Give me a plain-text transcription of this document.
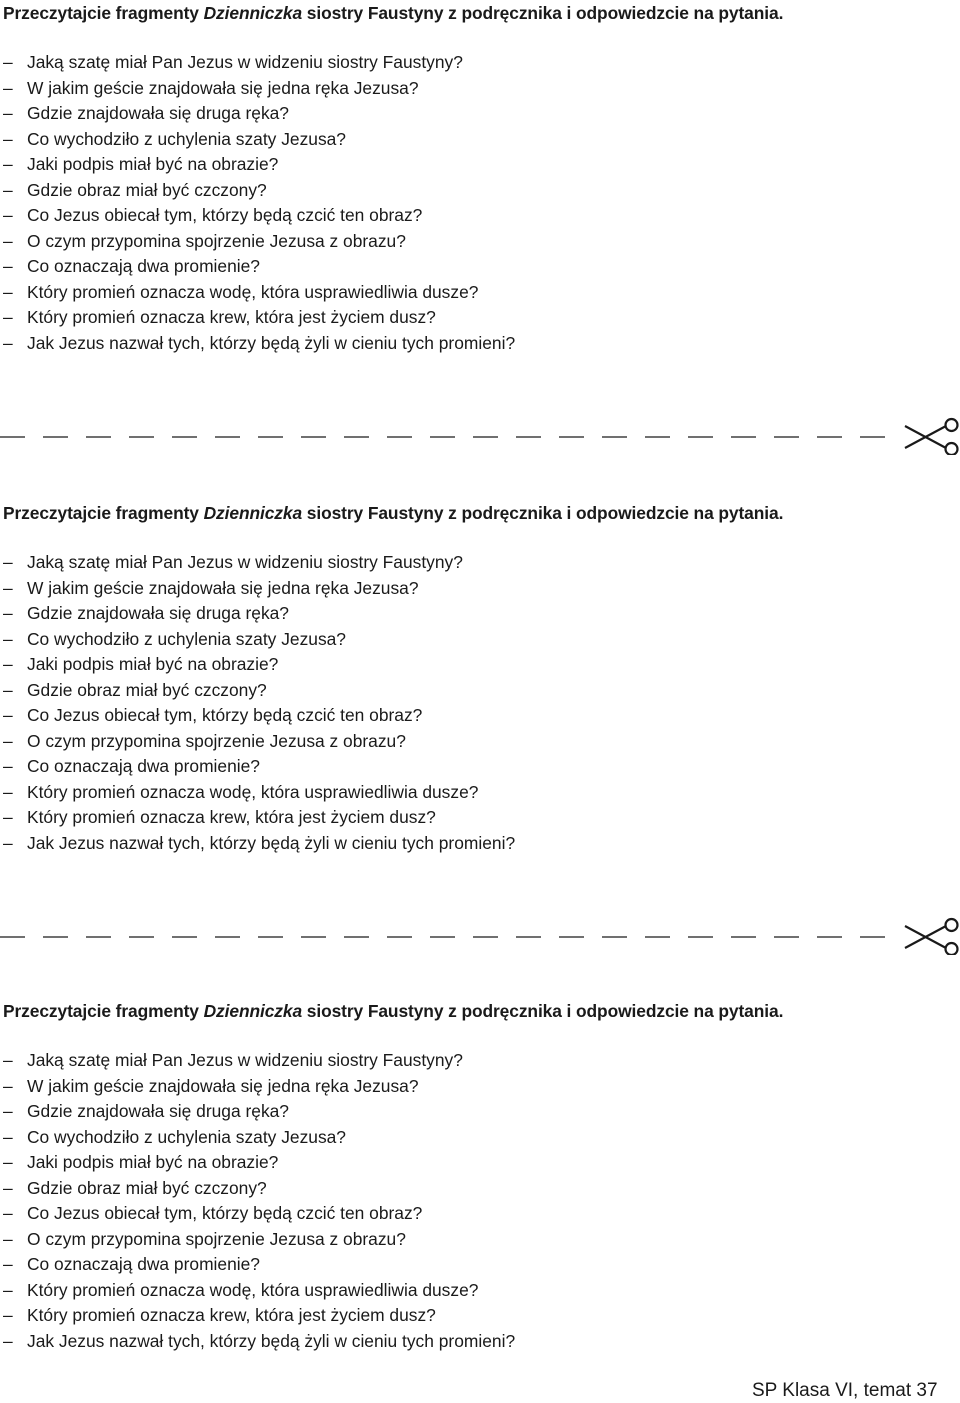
Przeczytajcie fragmenty Dzienniczka siostry Faustyny z podręcznika i odpowiedzcie na pytania.
– Jaką szatę miał Pan Jezus w widzeniu siostry Faustyny?
– W jakim geście znajdowała się jedna ręka Jezusa?
– Gdzie znajdowała się druga ręka?
– Co wychodziło z uchylenia szaty Jezusa?
– Jaki podpis miał być na obrazie?
– Gdzie obraz miał być czczony?
– Co Jezus obiecał tym, którzy będą czcić ten obraz?
– O czym przypomina spojrzenie Jezusa z obrazu?
– Co oznaczają dwa promienie?
– Który promień oznacza wodę, która usprawiedliwia dusze?
– Który promień oznacza krew, która jest życiem dusz?
– Jak Jezus nazwał tych, którzy będą żyli w cieniu tych promieni?
Przeczytajcie fragmenty Dzienniczka siostry Faustyny z podręcznika i odpowiedzcie na pytania.
– Jaką szatę miał Pan Jezus w widzeniu siostry Faustyny?
– W jakim geście znajdowała się jedna ręka Jezusa?
– Gdzie znajdowała się druga ręka?
– Co wychodziło z uchylenia szaty Jezusa?
– Jaki podpis miał być na obrazie?
– Gdzie obraz miał być czczony?
– Co Jezus obiecał tym, którzy będą czcić ten obraz?
– O czym przypomina spojrzenie Jezusa z obrazu?
– Co oznaczają dwa promienie?
– Który promień oznacza wodę, która usprawiedliwia dusze?
– Który promień oznacza krew, która jest życiem dusz?
– Jak Jezus nazwał tych, którzy będą żyli w cieniu tych promieni?
Przeczytajcie fragmenty Dzienniczka siostry Faustyny z podręcznika i odpowiedzcie na pytania.
– Jaką szatę miał Pan Jezus w widzeniu siostry Faustyny?
– W jakim geście znajdowała się jedna ręka Jezusa?
– Gdzie znajdowała się druga ręka?
– Co wychodziło z uchylenia szaty Jezusa?
– Jaki podpis miał być na obrazie?
– Gdzie obraz miał być czczony?
– Co Jezus obiecał tym, którzy będą czcić ten obraz?
– O czym przypomina spojrzenie Jezusa z obrazu?
– Co oznaczają dwa promienie?
– Który promień oznacza wodę, która usprawiedliwia dusze?
– Który promień oznacza krew, która jest życiem dusz?
– Jak Jezus nazwał tych, którzy będą żyli w cieniu tych promieni?
SP Klasa VI, temat 37
